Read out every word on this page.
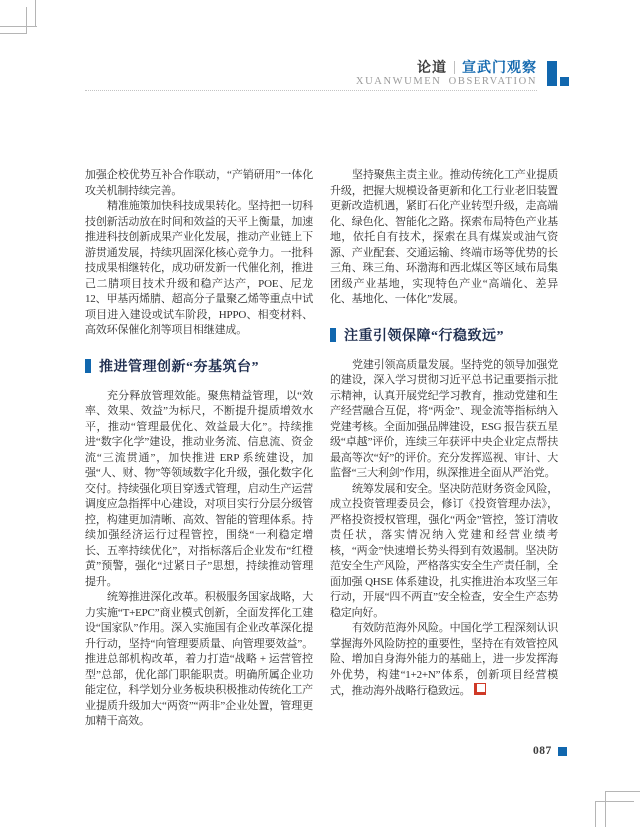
论道 宣武门观察
XUANWUMEN OBSERVATION

加强企校优势互补合作联动，“产销研用”一体化攻关机制持续完善。

精准施策加快科技成果转化。坚持把一切科技创新活动放在时间和效益的天平上衡量，加速推进科技创新成果产业化发展，推动产业链上下游贯通发展，持续巩固深化核心竞争力。一批科技成果相继转化，成功研发新一代催化剂，推进己二腈项目技术升级和稳产达产，POE、尼龙 12、甲基丙烯腈、超高分子量聚乙烯等重点中试项目进入建设或试车阶段，HPPO、相变材料、高效环保催化剂等项目相继建成。

推进管理创新“夯基筑台”

充分释放管理效能。聚焦精益管理，以“效率、效果、效益”为标尺，不断提升提质增效水平，推动“管理最优化、效益最大化”。持续推进“数字化学”建设，推动业务流、信息流、资金流“三流贯通”，加快推进 ERP 系统建设，加强“人、财、物”等领域数字化升级，强化数字化交付。持续强化项目穿透式管理，启动生产运营调度应急指挥中心建设，对项目实行分层分级管控，构建更加清晰、高效、智能的管理体系。持续加强经济运行过程管控，围绕“一利稳定增长、五率持续优化”，对指标落后企业发布“红橙黄”预警，强化“过紧日子”思想，持续推动管理提升。

统筹推进深化改革。积极服务国家战略，大力实施“T+EPC”商业模式创新，全面发挥化工建设“国家队”作用。深入实施国有企业改革深化提升行动，坚持“向管理要质量、向管理要效益”。推进总部机构改革，着力打造“战略 + 运营管控型”总部，优化部门职能职责。明确所属企业功能定位，科学划分业务板块积极推动传统化工产业提质升级加大“两资”“两非”企业处置，管理更加精干高效。

坚持聚焦主责主业。推动传统化工产业提质升级，把握大规模设备更新和化工行业老旧装置更新改造机遇，紧盯石化产业转型升级，走高端化、绿色化、智能化之路。探索布局特色产业基地，依托自有技术，探索在具有煤炭或油气资源、产业配套、交通运输、终端市场等优势的长三角、珠三角、环渤海和西北煤区等区域布局集团级产业基地，实现特色产业“高端化、差异化、基地化、一体化”发展。

注重引领保障“行稳致远”

党建引领高质量发展。坚持党的领导加强党的建设，深入学习贯彻习近平总书记重要指示批示精神，认真开展党纪学习教育，推动党建和生产经营融合互促，将“两金”、现金流等指标纳入党建考核。全面加强品牌建设，ESG 报告获五星级“卓越”评价，连续三年获评中央企业定点帮扶最高等次“好”的评价。充分发挥巡视、审计、大监督“三大利剑”作用，纵深推进全面从严治党。

统筹发展和安全。坚决防范财务资金风险，成立投资管理委员会，修订《投资管理办法》，严格投资授权管理，强化“两金”管控，签订清收责任状，落实情况纳入党建和经营业绩考核，“两金”快速增长势头得到有效遏制。坚决防范安全生产风险，严格落实安全生产责任制，全面加强 QHSE 体系建设，扎实推进治本攻坚三年行动，开展“四不两直”安全检查，安全生产态势稳定向好。

有效防范海外风险。中国化学工程深刻认识掌握海外风险防控的重要性，坚持在有效管控风险、增加自身海外能力的基础上，进一步发挥海外优势，构建“1+2+N”体系，创新项目经营模式，推动海外战略行稳致远。

087
